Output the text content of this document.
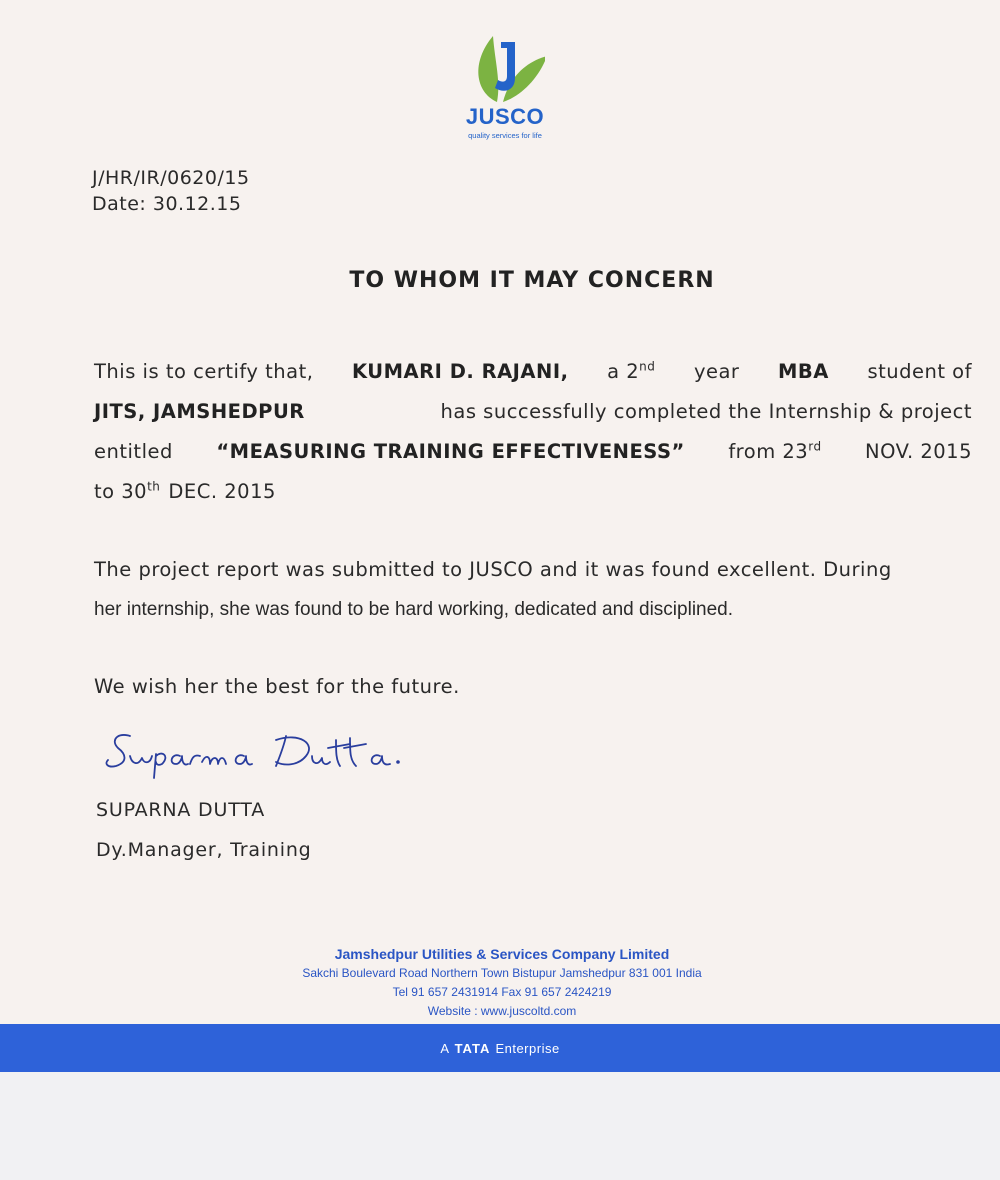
JUSCO
quality services for life
J/HR/IR/0620/15
Date: 30.12.15
TO WHOM IT MAY CONCERN
This is to certify that, KUMARI D. RAJANI, a 2nd year MBA student of
JITS, JAMSHEDPUR	has successfully completed the Internship & project
entitled “MEASURING TRAINING EFFECTIVENESS” from 23rd NOV. 2015
to 30th DEC. 2015
The project report was submitted to JUSCO and it was found excellent. During
her internship, she was found to be hard working, dedicated and disciplined.
We wish her the best for the future.
SUPARNA DUTTA
Dy.Manager, Training
Jamshedpur Utilities & Services Company Limited
Sakchi Boulevard Road Northern Town Bistupur Jamshedpur 831 001 India
Tel 91 657 2431914 Fax 91 657 2424219
Website : www.juscoltd.com
A
TATA
Enterprise
